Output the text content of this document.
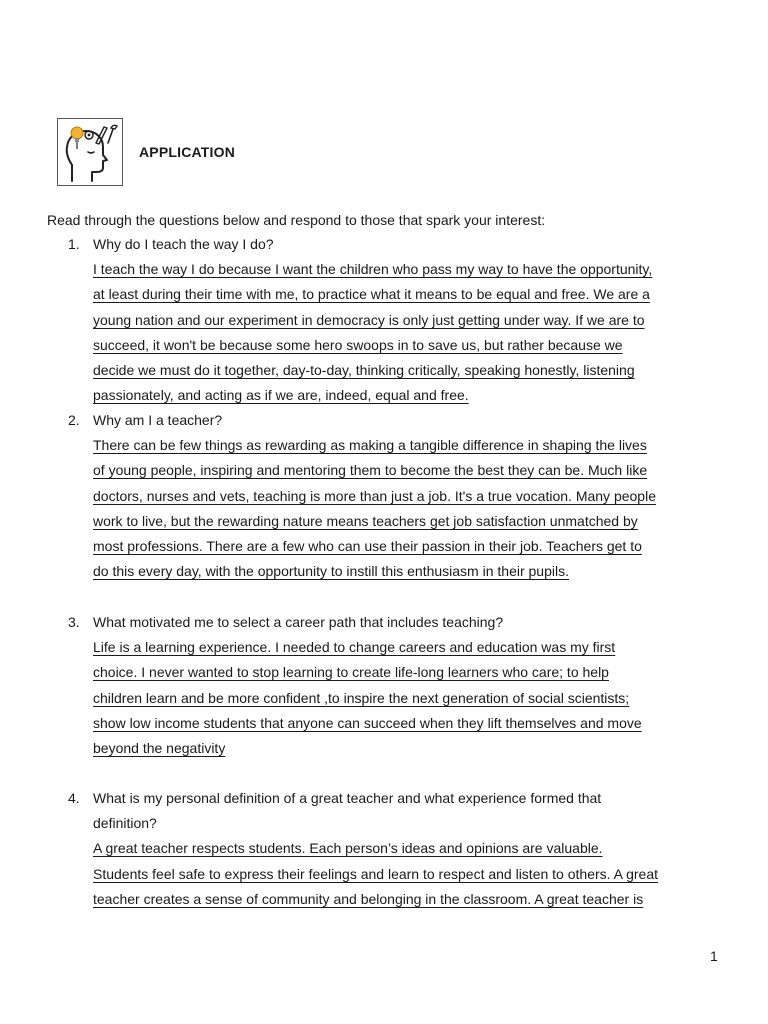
APPLICATION
Read through the questions below and respond to those that spark your interest:
1. Why do I teach the way I do?
I teach the way I do because I want the children who pass my way to have the opportunity,
at least during their time with me, to practice what it means to be equal and free. We are a
young nation and our experiment in democracy is only just getting under way. If we are to
succeed, it won't be because some hero swoops in to save us, but rather because we
decide we must do it together, day-to-day, thinking critically, speaking honestly, listening
passionately, and acting as if we are, indeed, equal and free.
2. Why am I a teacher?
There can be few things as rewarding as making a tangible difference in shaping the lives
of young people, inspiring and mentoring them to become the best they can be. Much like
doctors, nurses and vets, teaching is more than just a job. It's a true vocation. Many people
work to live, but the rewarding nature means teachers get job satisfaction unmatched by
most professions. There are a few who can use their passion in their job. Teachers get to
do this every day, with the opportunity to instill this enthusiasm in their pupils.
3. What motivated me to select a career path that includes teaching?
Life is a learning experience. I needed to change careers and education was my first
choice. I never wanted to stop learning to create life-long learners who care; to help
children learn and be more confident ,to inspire the next generation of social scientists;
show low income students that anyone can succeed when they lift themselves and move
beyond the negativity
4. What is my personal definition of a great teacher and what experience formed that
definition?
A great teacher respects students. Each person’s ideas and opinions are valuable.
Students feel safe to express their feelings and learn to respect and listen to others. A great
teacher creates a sense of community and belonging in the classroom. A great teacher is
1
